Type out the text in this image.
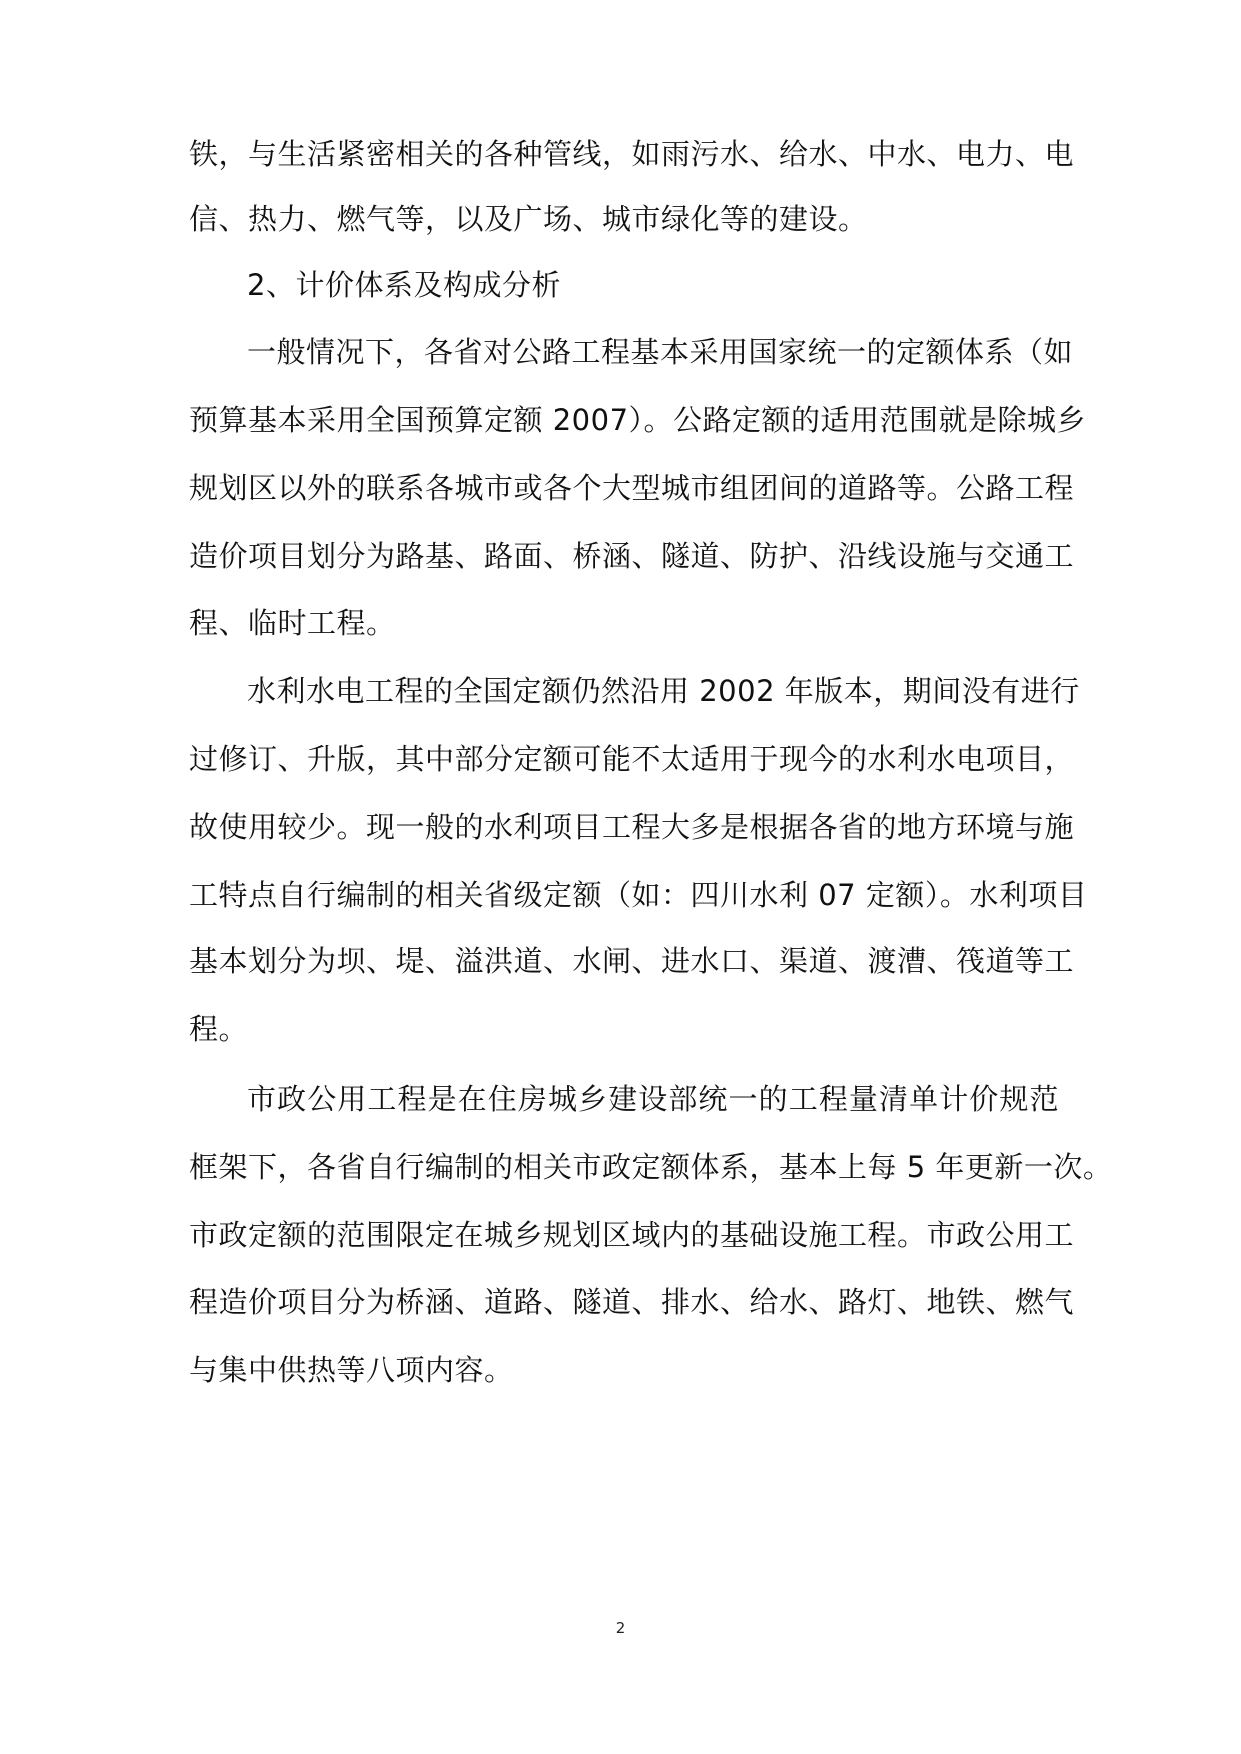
铁，与生活紧密相关的各种管线，如雨污水、给水、中水、电力、电
信、热力、燃气等，以及广场、城市绿化等的建设。
2、计价体系及构成分析
一般情况下，各省对公路工程基本采用国家统一的定额体系（如
预算基本采用全国预算定额 2007）。公路定额的适用范围就是除城乡
规划区以外的联系各城市或各个大型城市组团间的道路等。公路工程
造价项目划分为路基、路面、桥涵、隧道、防护、沿线设施与交通工
程、临时工程。
水利水电工程的全国定额仍然沿用 2002 年版本，期间没有进行
过修订、升版，其中部分定额可能不太适用于现今的水利水电项目，
故使用较少。现一般的水利项目工程大多是根据各省的地方环境与施
工特点自行编制的相关省级定额（如：四川水利 07 定额）。水利项目
基本划分为坝、堤、溢洪道、水闸、进水口、渠道、渡漕、筏道等工
程。
市政公用工程是在住房城乡建设部统一的工程量清单计价规范
框架下，各省自行编制的相关市政定额体系，基本上每 5 年更新一次。
市政定额的范围限定在城乡规划区域内的基础设施工程。市政公用工
程造价项目分为桥涵、道路、隧道、排水、给水、路灯、地铁、燃气
与集中供热等八项内容。
2
